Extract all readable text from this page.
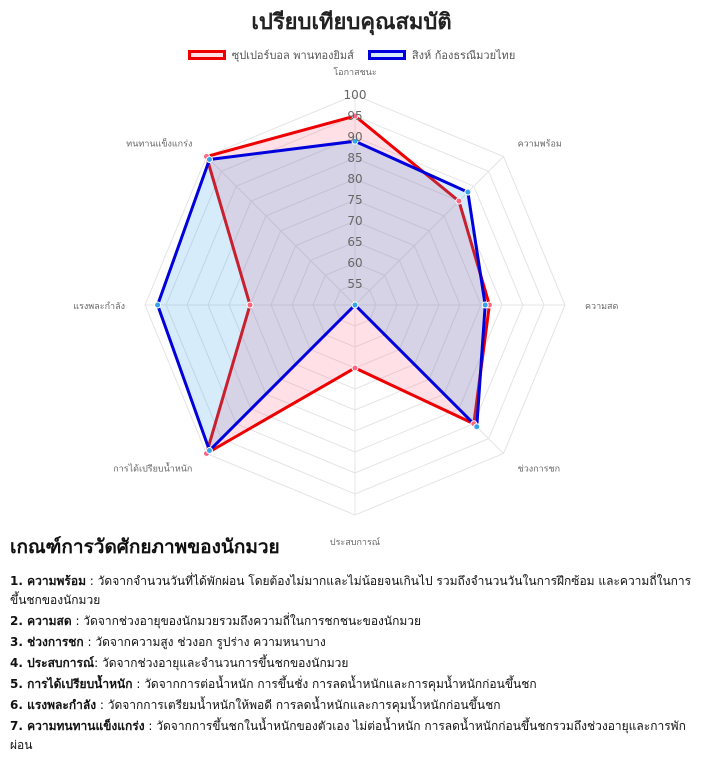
เปรียบเทียบคุณสมบัติ
ซุปเปอร์บอล พานทองยิมส์	สิงห์ ก้องธรณีมวยไทย
55
60
65
70
75
80
85
90
95
100
โอกาสชนะ
ความพร้อม
ความสด
ช่วงการชก
ประสบการณ์
การได้เปรียบน้ำหนัก
แรงพละกำลัง
ทนทานแข็งแกร่ง
เกณฑ์การวัดศักยภาพของนักมวย

1. ความพร้อม : วัดจากจำนวนวันที่ได้พักผ่อน โดยต้องไม่มากและไม่น้อยจนเกินไป รวมถึงจำนวนวันในการฝึกซ้อม และความถี่ในการขึ้นชกของนักมวย

2. ความสด : วัดจากช่วงอายุของนักมวยรวมถึงความถี่ในการชกชนะของนักมวย

3. ช่วงการชก : วัดจากความสูง ช่วงอก รูปร่าง ความหนาบาง

4. ประสบการณ์: วัดจากช่วงอายุและจำนวนการขึ้นชกของนักมวย

5. การได้เปรียบน้ำหนัก : วัดจากการต่อน้ำหนัก การขึ้นชั่ง การลดน้ำหนักและการคุมน้ำหนักก่อนขึ้นชก

6. แรงพละกำลัง : วัดจากการเตรียมน้ำหนักให้พอดี การลดน้ำหนักและการคุมน้ำหนักก่อนขึ้นชก

7. ความทนทานแข็งแกร่ง : วัดจากการขึ้นชกในน้ำหนักของตัวเอง ไม่ต่อน้ำหนัก การลดน้ำหนักก่อนขึ้นชกรวมถึงช่วงอายุและการพักผ่อน
